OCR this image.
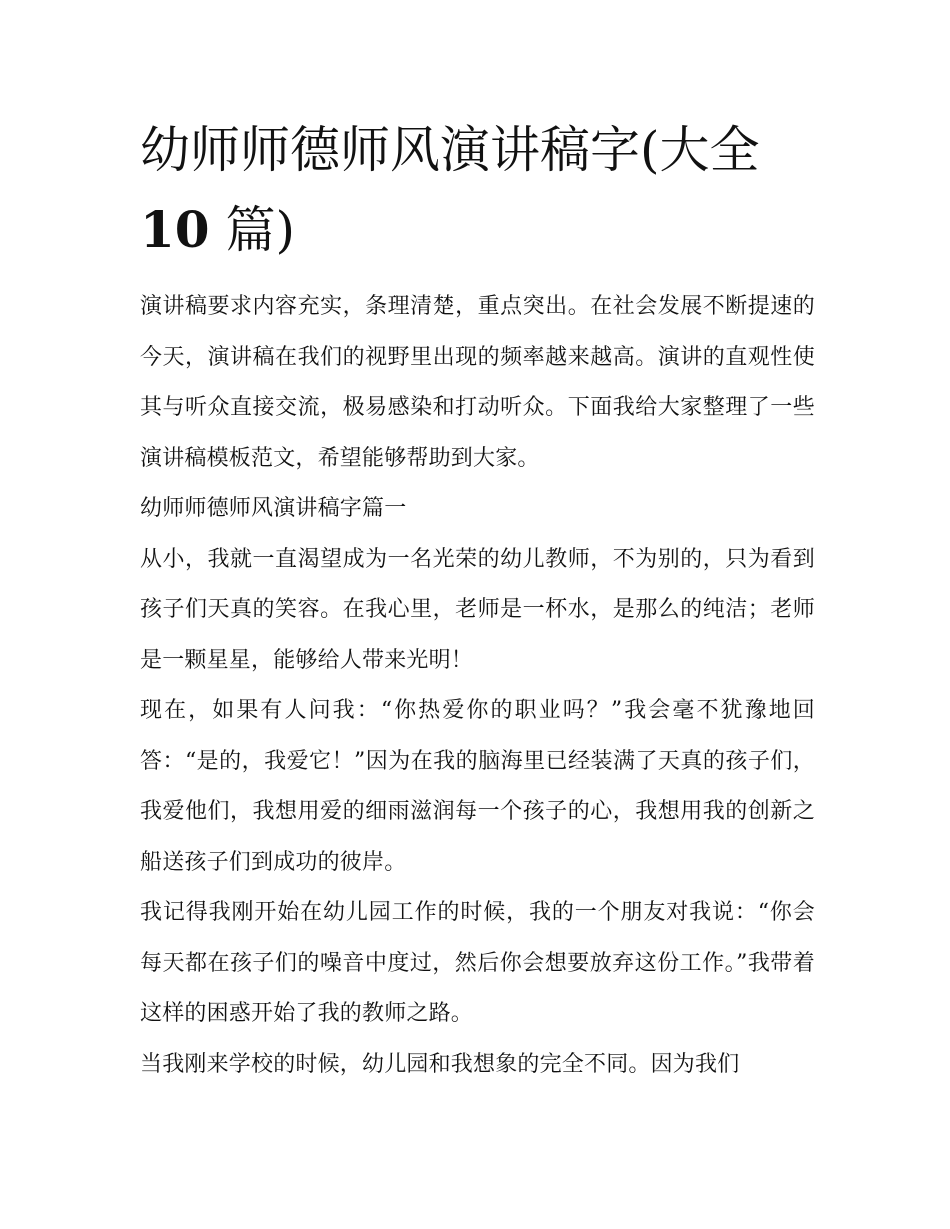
幼师师德师风演讲稿字(大全
10 篇)

演讲稿要求内容充实，条理清楚，重点突出。在社会发展不断提速的今天，演讲稿在我们的视野里出现的频率越来越高。演讲的直观性使其与听众直接交流，极易感染和打动听众。下面我给大家整理了一些演讲稿模板范文，希望能够帮助到大家。

幼师师德师风演讲稿字篇一

从小，我就一直渴望成为一名光荣的幼儿教师，不为别的，只为看到孩子们天真的笑容。在我心里，老师是一杯水，是那么的纯洁；老师是一颗星星，能够给人带来光明！

现在，如果有人问我：“你热爱你的职业吗？”我会毫不犹豫地回答：“是的，我爱它！”因为在我的脑海里已经装满了天真的孩子们，我爱他们，我想用爱的细雨滋润每一个孩子的心，我想用我的创新之船送孩子们到成功的彼岸。

我记得我刚开始在幼儿园工作的时候，我的一个朋友对我说：“你会每天都在孩子们的噪音中度过，然后你会想要放弃这份工作。”我带着这样的困惑开始了我的教师之路。

当我刚来学校的时候，幼儿园和我想象的完全不同。因为我们
